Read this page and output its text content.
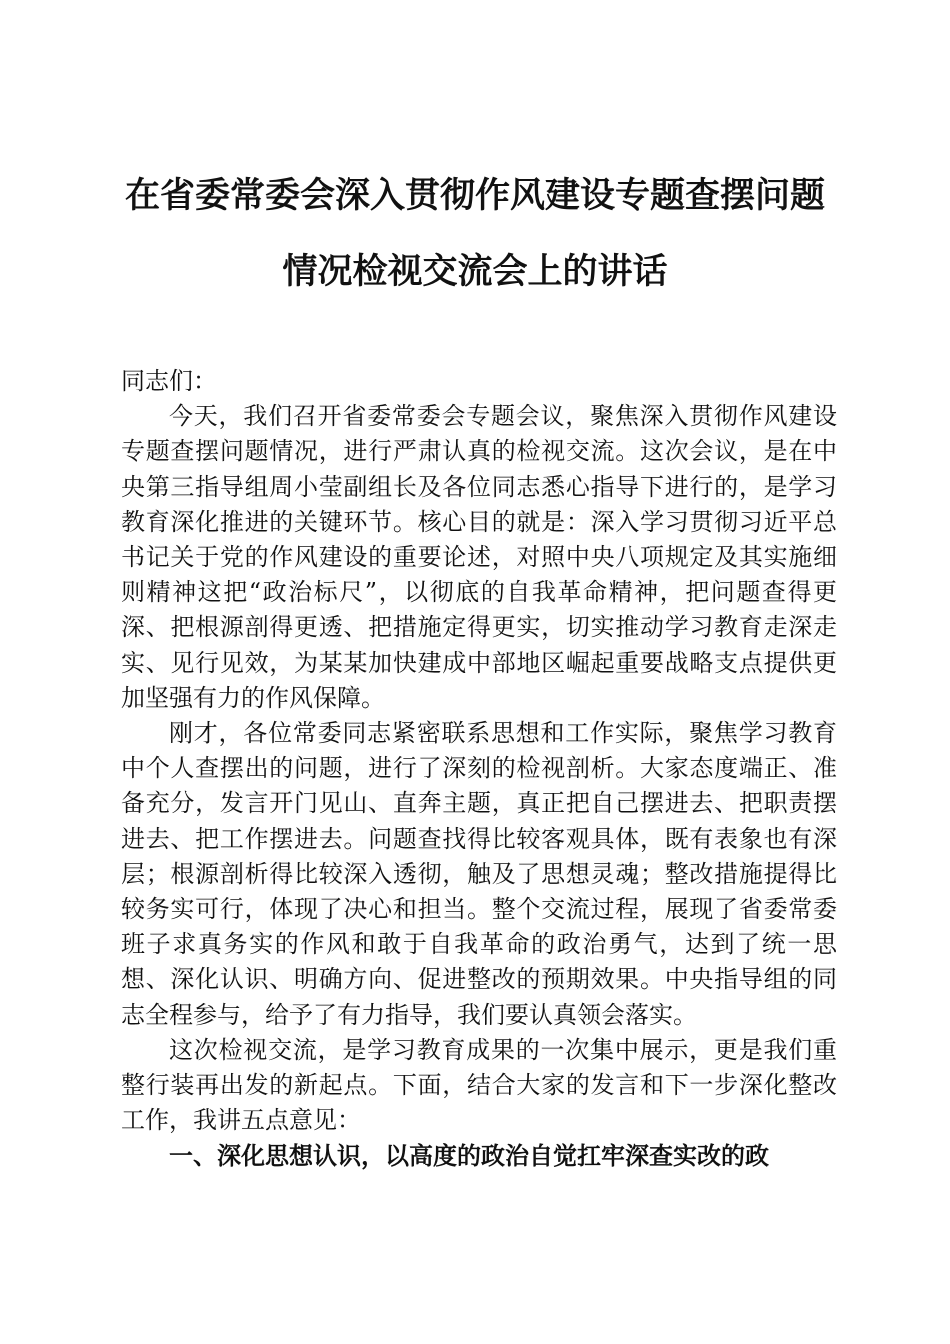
在省委常委会深入贯彻作风建设专题查摆问题
情况检视交流会上的讲话

同志们：

今天，我们召开省委常委会专题会议，聚焦深入贯彻作风建设专题查摆问题情况，进行严肃认真的检视交流。这次会议，是在中央第三指导组周小莹副组长及各位同志悉心指导下进行的，是学习教育深化推进的关键环节。核心目的就是：深入学习贯彻习近平总书记关于党的作风建设的重要论述，对照中央八项规定及其实施细则精神这把“政治标尺”，以彻底的自我革命精神，把问题查得更深、把根源剖得更透、把措施定得更实，切实推动学习教育走深走实、见行见效，为某某加快建成中部地区崛起重要战略支点提供更加坚强有力的作风保障。

刚才，各位常委同志紧密联系思想和工作实际，聚焦学习教育中个人查摆出的问题，进行了深刻的检视剖析。大家态度端正、准备充分，发言开门见山、直奔主题，真正把自己摆进去、把职责摆进去、把工作摆进去。问题查找得比较客观具体，既有表象也有深层；根源剖析得比较深入透彻，触及了思想灵魂；整改措施提得比较务实可行，体现了决心和担当。整个交流过程，展现了省委常委班子求真务实的作风和敢于自我革命的政治勇气，达到了统一思想、深化认识、明确方向、促进整改的预期效果。中央指导组的同志全程参与，给予了有力指导，我们要认真领会落实。

这次检视交流，是学习教育成果的一次集中展示，更是我们重整行装再出发的新起点。下面，结合大家的发言和下一步深化整改工作，我讲五点意见：

一、深化思想认识，以高度的政治自觉扛牢深查实改的政
